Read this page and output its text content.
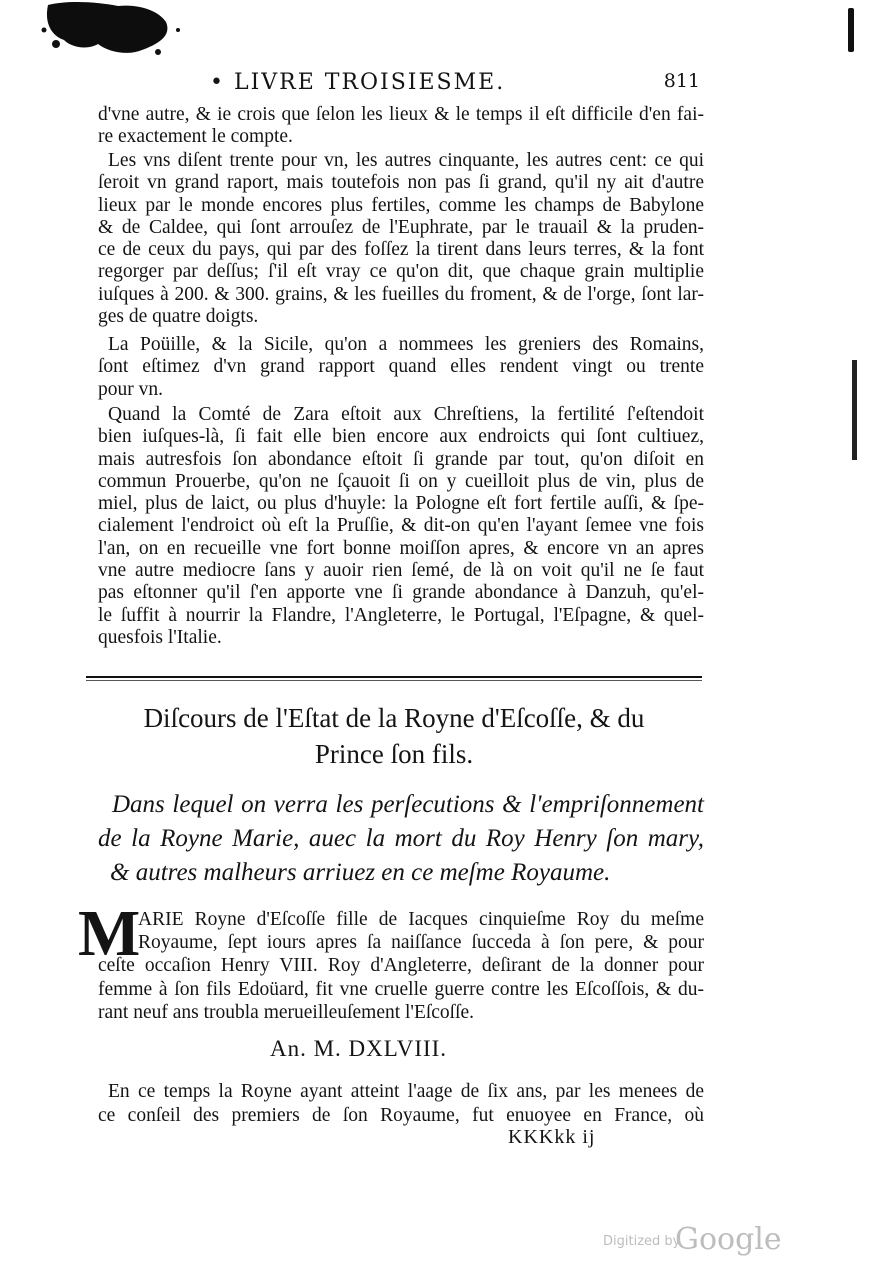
• LIVRE TROISIESME.	811
d'vne autre, & ie crois que ſelon les lieux & le temps il eſt difficile d'en fai-
re exactement le compte.
Les vns diſent trente pour vn, les autres cinquante, les autres cent: ce qui
ſeroit vn grand raport, mais toutefois non pas ſi grand, qu'il ny ait d'autre
lieux par le monde encores plus fertiles, comme les champs de Babylone
& de Caldee, qui ſont arrouſez de l'Euphrate, par le trauail & la pruden-
ce de ceux du pays, qui par des foſſez la tirent dans leurs terres, & la font
regorger par deſſus; ſ'il eſt vray ce qu'on dit, que chaque grain multiplie
iuſques à 200. & 300. grains, & les fueilles du froment, & de l'orge, ſont lar-
ges de quatre doigts.
La Poüille, & la Sicile, qu'on a nommees les greniers des Romains,
ſont eſtimez d'vn grand rapport quand elles rendent vingt ou trente
pour vn.
Quand la Comté de Zara eſtoit aux Chreſtiens, la fertilité ſ'eſtendoit
bien iuſques-là, ſi fait elle bien encore aux endroicts qui ſont cultiuez,
mais autresfois ſon abondance eſtoit ſi grande par tout, qu'on diſoit en
commun Prouerbe, qu'on ne ſçauoit ſi on y cueilloit plus de vin, plus de
miel, plus de laict, ou plus d'huyle: la Pologne eſt fort fertile auſſi, & ſpe-
cialement l'endroict où eſt la Pruſſie, & dit-on qu'en l'ayant ſemee vne fois
l'an, on en recueille vne fort bonne moiſſon apres, & encore vn an apres
vne autre mediocre ſans y auoir rien ſemé, de là on voit qu'il ne ſe faut
pas eſtonner qu'il ſ'en apporte vne ſi grande abondance à Danzuh, qu'el-
le ſuffit à nourrir la Flandre, l'Angleterre, le Portugal, l'Eſpagne, & quel-
quesfois l'Italie.
Diſcours de l'Eſtat de la Royne d'Eſcoſſe, & du
Prince ſon fils.
Dans lequel on verra les perſecutions & l'empriſonnement
de la Royne Marie, auec la mort du Roy Henry ſon mary,
& autres malheurs arriuez en ce meſme Royaume.
M
ARIE Royne d'Eſcoſſe fille de Iacques cinquieſme Roy du meſme
Royaume, ſept iours apres ſa naiſſance ſucceda à ſon pere, & pour
ceſte occaſion Henry VIII. Roy d'Angleterre, deſirant de la donner pour
femme à ſon fils Edoüard, fit vne cruelle guerre contre les Eſcoſſois, & du-
rant neuf ans troubla merueilleuſement l'Eſcoſſe.
An. M. DXLVIII.
En ce temps la Royne ayant atteint l'aage de ſix ans, par les menees de
ce conſeil des premiers de ſon Royaume, fut enuoyee en France, où
KKKkk ij
Digitized by
Google
